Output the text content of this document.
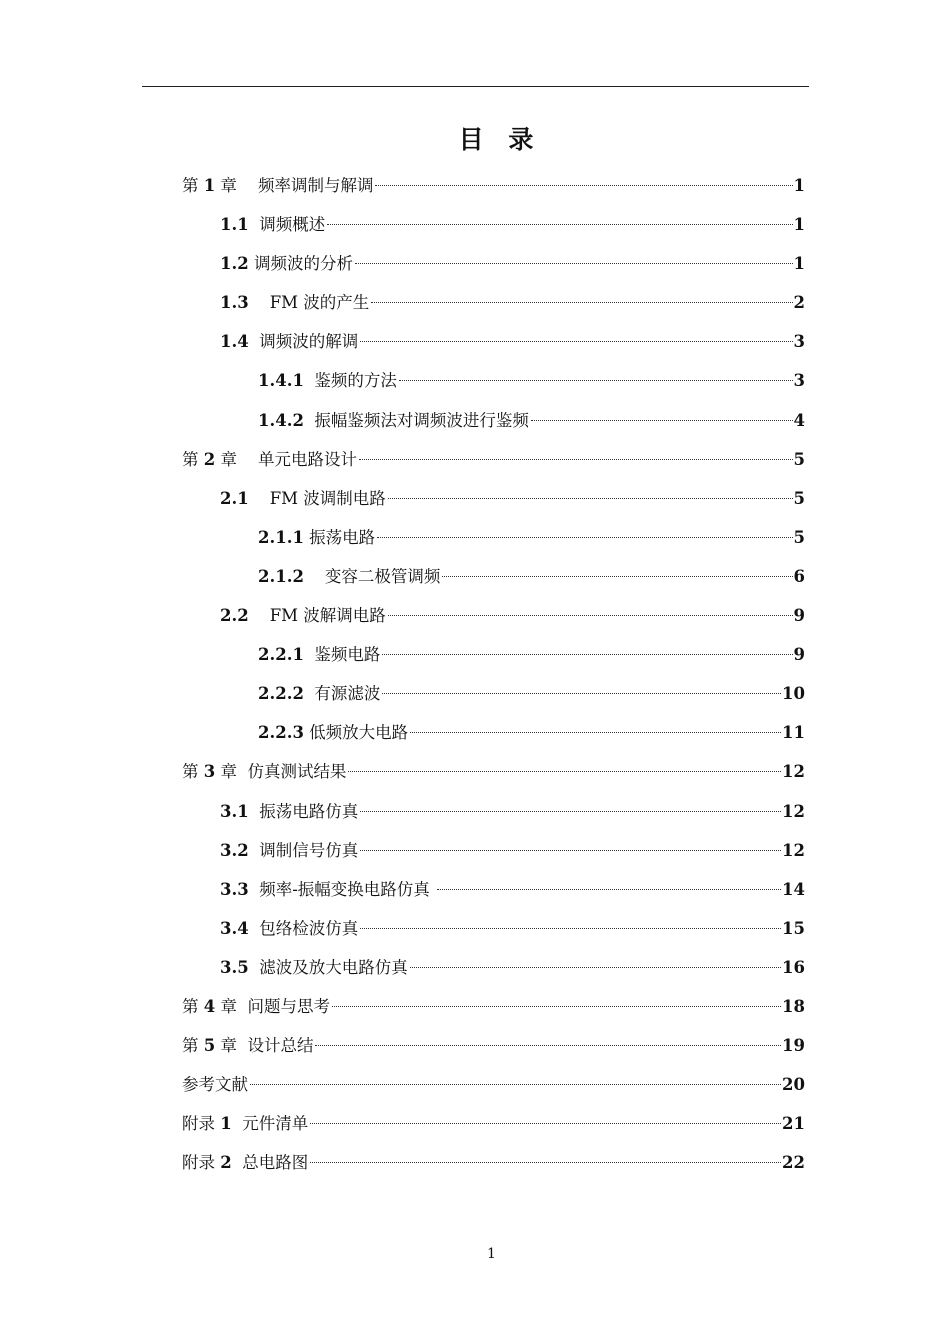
目 录
第 1 章    频率调制与解调	1
1.1 调频概述	1
1.2 调频波的分析	1
1.3 FM 波的产生	2
1.4 调频波的解调	3
1.4.1 鉴频的方法	3
1.4.2 振幅鉴频法对调频波进行鉴频	4
第 2 章    单元电路设计	5
2.1 FM 波调制电路	5
2.1.1 振荡电路	5
2.1.2 变容二极管调频	6
2.2 FM 波解调电路	9
2.2.1 鉴频电路	9
2.2.2 有源滤波	10
2.2.3 低频放大电路	11
第 3 章  仿真测试结果	12
3.1 振荡电路仿真	12
3.2 调制信号仿真	12
3.3 频率-振幅变换电路仿真	14
3.4 包络检波仿真	15
3.5 滤波及放大电路仿真	16
第 4 章  问题与思考	18
第 5 章  设计总结	19
参考文献	20
附录 1 元件清单	21
附录 2 总电路图	22
1
